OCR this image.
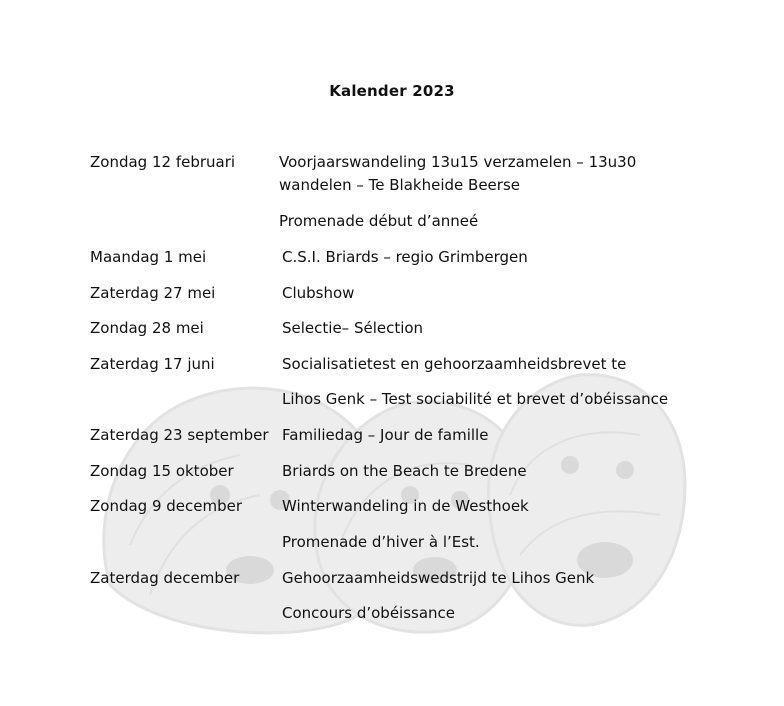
Kalender 2023
Zondag 12 februari	Voorjaarswandeling 13u15 verzamelen – 13u30
wandelen – Te Blakheide Beerse
Promenade début d’anneé
Maandag 1 mei	C.S.I. Briards – regio Grimbergen
Zaterdag 27 mei	Clubshow
Zondag 28 mei	Selectie– Sélection
Zaterdag 17 juni	Socialisatietest en gehoorzaamheidsbrevet te
Lihos Genk – Test sociabilité et brevet d’obéissance
Zaterdag 23 september Familiedag – Jour de famille
Zondag 15 oktober	Briards on the Beach te Bredene
Zondag 9 december	Winterwandeling in de Westhoek
Promenade d’hiver à l’Est.
Zaterdag december	Gehoorzaamheidswedstrijd te Lihos Genk
Concours d’obéissance
